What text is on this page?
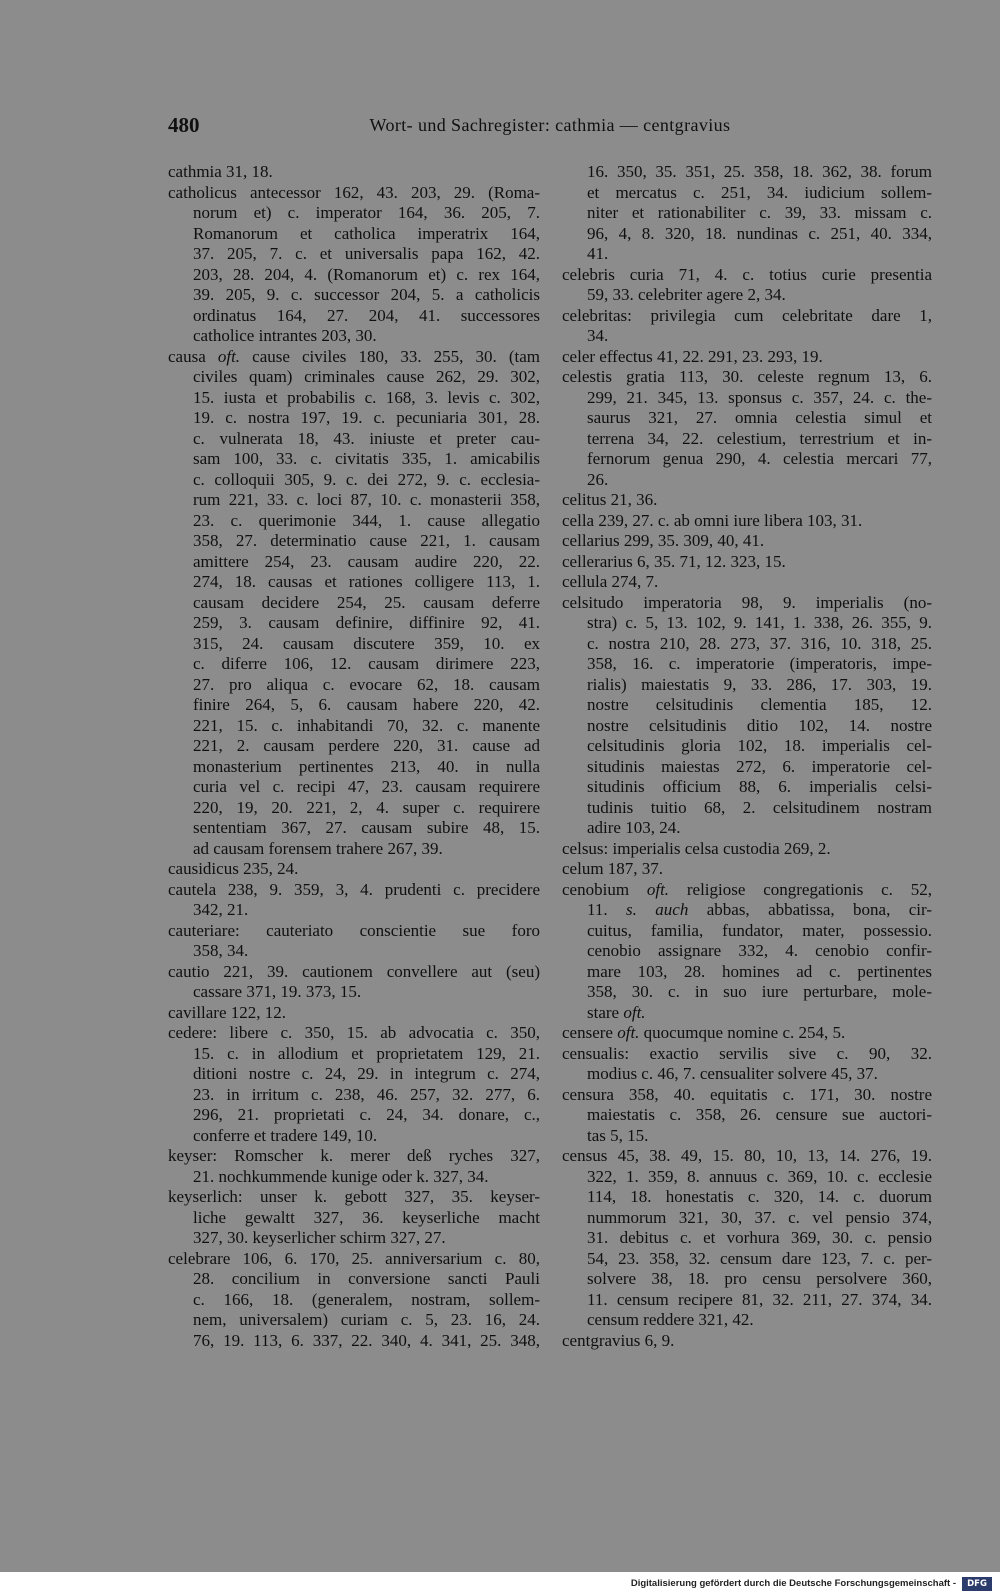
480	Wort- und Sachregister: cathmia — centgravius
cathmia 31, 18.
catholicus antecessor 162, 43. 203, 29. (Roma-
norum et) c. imperator 164, 36. 205, 7.
Romanorum et catholica imperatrix 164,
37. 205, 7. c. et universalis papa 162, 42.
203, 28. 204, 4. (Romanorum et) c. rex 164,
39. 205, 9. c. successor 204, 5. a catholicis
ordinatus 164, 27. 204, 41. successores
catholice intrantes 203, 30.
causa oft. cause civiles 180, 33. 255, 30. (tam
civiles quam) criminales cause 262, 29. 302,
15. iusta et probabilis c. 168, 3. levis c. 302,
19. c. nostra 197, 19. c. pecuniaria 301, 28.
c. vulnerata 18, 43. iniuste et preter cau-
sam 100, 33. c. civitatis 335, 1. amicabilis
c. colloquii 305, 9. c. dei 272, 9. c. ecclesia-
rum 221, 33. c. loci 87, 10. c. monasterii 358,
23. c. querimonie 344, 1. cause allegatio
358, 27. determinatio cause 221, 1. causam
amittere 254, 23. causam audire 220, 22.
274, 18. causas et rationes colligere 113, 1.
causam decidere 254, 25. causam deferre
259, 3. causam definire, diffinire 92, 41.
315, 24. causam discutere 359, 10. ex
c. diferre 106, 12. causam dirimere 223,
27. pro aliqua c. evocare 62, 18. causam
finire 264, 5, 6. causam habere 220, 42.
221, 15. c. inhabitandi 70, 32. c. manente
221, 2. causam perdere 220, 31. cause ad
monasterium pertinentes 213, 40. in nulla
curia vel c. recipi 47, 23. causam requirere
220, 19, 20. 221, 2, 4. super c. requirere
sententiam 367, 27. causam subire 48, 15.
ad causam forensem trahere 267, 39.
causidicus 235, 24.
cautela 238, 9. 359, 3, 4. prudenti c. precidere
342, 21.
cauteriare: cauteriato conscientie sue foro
358, 34.
cautio 221, 39. cautionem convellere aut (seu)
cassare 371, 19. 373, 15.
cavillare 122, 12.
cedere: libere c. 350, 15. ab advocatia c. 350,
15. c. in allodium et proprietatem 129, 21.
ditioni nostre c. 24, 29. in integrum c. 274,
23. in irritum c. 238, 46. 257, 32. 277, 6.
296, 21. proprietati c. 24, 34. donare, c.,
conferre et tradere 149, 10.
keyser: Romscher k. merer deß ryches 327,
21. nochkummende kunige oder k. 327, 34.
keyserlich: unser k. gebott 327, 35. keyser-
liche gewaltt 327, 36. keyserliche macht
327, 30. keyserlicher schirm 327, 27.
celebrare 106, 6. 170, 25. anniversarium c. 80,
28. concilium in conversione sancti Pauli
c. 166, 18. (generalem, nostram, sollem-
nem, universalem) curiam c. 5, 23. 16, 24.
76, 19. 113, 6. 337, 22. 340, 4. 341, 25. 348,
16. 350, 35. 351, 25. 358, 18. 362, 38. forum
et mercatus c. 251, 34. iudicium sollem-
niter et rationabiliter c. 39, 33. missam c.
96, 4, 8. 320, 18. nundinas c. 251, 40. 334,
41.
celebris curia 71, 4. c. totius curie presentia
59, 33. celebriter agere 2, 34.
celebritas: privilegia cum celebritate dare 1,
34.
celer effectus 41, 22. 291, 23. 293, 19.
celestis gratia 113, 30. celeste regnum 13, 6.
299, 21. 345, 13. sponsus c. 357, 24. c. the-
saurus 321, 27. omnia celestia simul et
terrena 34, 22. celestium, terrestrium et in-
fernorum genua 290, 4. celestia mercari 77,
26.
celitus 21, 36.
cella 239, 27. c. ab omni iure libera 103, 31.
cellarius 299, 35. 309, 40, 41.
cellerarius 6, 35. 71, 12. 323, 15.
cellula 274, 7.
celsitudo imperatoria 98, 9. imperialis (no-
stra) c. 5, 13. 102, 9. 141, 1. 338, 26. 355, 9.
c. nostra 210, 28. 273, 37. 316, 10. 318, 25.
358, 16. c. imperatorie (imperatoris, impe-
rialis) maiestatis 9, 33. 286, 17. 303, 19.
nostre celsitudinis clementia 185, 12.
nostre celsitudinis ditio 102, 14. nostre
celsitudinis gloria 102, 18. imperialis cel-
situdinis maiestas 272, 6. imperatorie cel-
situdinis officium 88, 6. imperialis celsi-
tudinis tuitio 68, 2. celsitudinem nostram
adire 103, 24.
celsus: imperialis celsa custodia 269, 2.
celum 187, 37.
cenobium oft. religiose congregationis c. 52,
11. s. auch abbas, abbatissa, bona, cir-
cuitus, familia, fundator, mater, possessio.
cenobio assignare 332, 4. cenobio confir-
mare 103, 28. homines ad c. pertinentes
358, 30. c. in suo iure perturbare, mole-
stare oft.
censere oft. quocumque nomine c. 254, 5.
censualis: exactio servilis sive c. 90, 32.
modius c. 46, 7. censualiter solvere 45, 37.
censura 358, 40. equitatis c. 171, 30. nostre
maiestatis c. 358, 26. censure sue auctori-
tas 5, 15.
census 45, 38. 49, 15. 80, 10, 13, 14. 276, 19.
322, 1. 359, 8. annuus c. 369, 10. c. ecclesie
114, 18. honestatis c. 320, 14. c. duorum
nummorum 321, 30, 37. c. vel pensio 374,
31. debitus c. et vorhura 369, 30. c. pensio
54, 23. 358, 32. censum dare 123, 7. c. per-
solvere 38, 18. pro censu persolvere 360,
11. censum recipere 81, 32. 211, 27. 374, 34.
censum reddere 321, 42.
centgravius 6, 9.
Digitalisierung gefördert durch die Deutsche Forschungsgemeinschaft -	DFG
